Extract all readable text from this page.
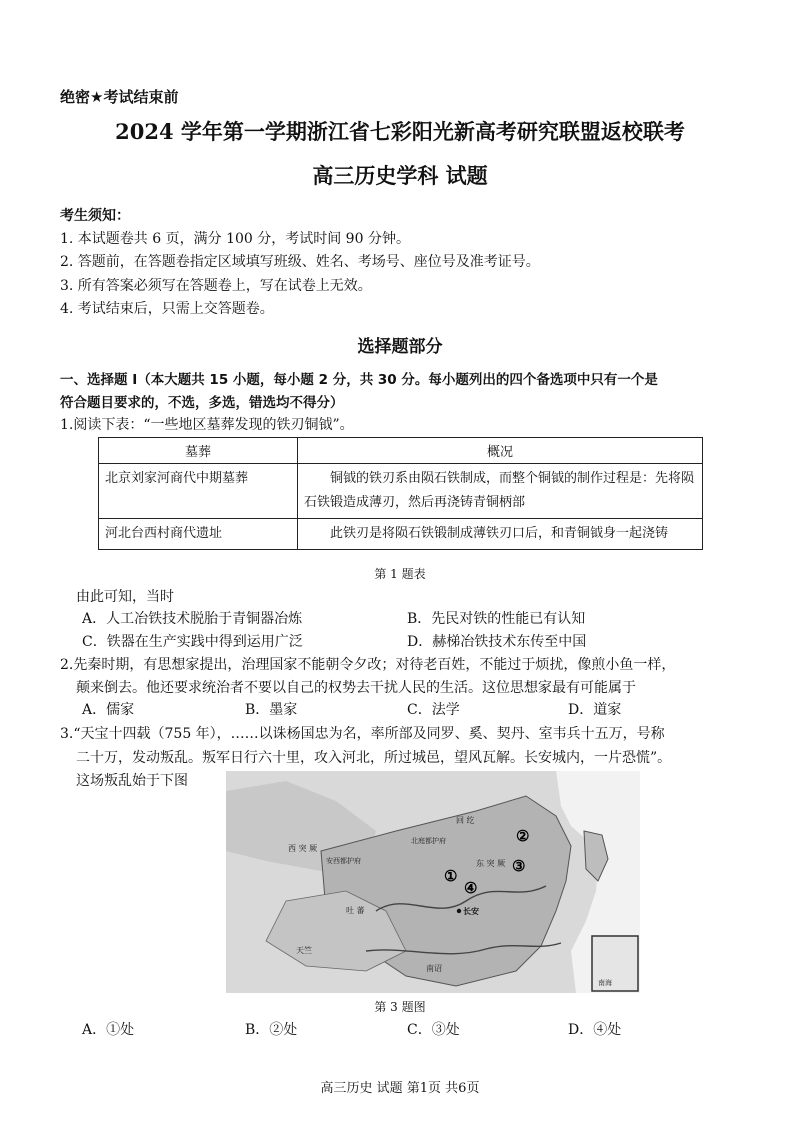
绝密★考试结束前
2024 学年第一学期浙江省七彩阳光新高考研究联盟返校联考
高三历史学科 试题
考生须知：
1. 本试题卷共 6 页，满分 100 分，考试时间 90 分钟。
2. 答题前，在答题卷指定区域填写班级、姓名、考场号、座位号及准考证号。
3. 所有答案必须写在答题卷上，写在试卷上无效。
4. 考试结束后，只需上交答题卷。
选择题部分
一、选择题 I（本大题共 15 小题，每小题 2 分，共 30 分。每小题列出的四个备选项中只有一个是
符合题目要求的，不选，多选，错选均不得分）
1.阅读下表：“一些地区墓葬发现的铁刃铜钺”。
墓葬	概况
北京刘家河商代中期墓葬	铜钺的铁刃系由陨石铁制成，而整个铜钺的制作过程是：先将陨石铁锻造成薄刃，然后再浇铸青铜柄部
河北台西村商代遗址	此铁刃是将陨石铁锻制成薄铁刃口后，和青铜钺身一起浇铸
第 1 题表
由此可知，当时
A．人工冶铁技术脱胎于青铜器冶炼	B．先民对铁的性能已有认知
C．铁器在生产实践中得到运用广泛	D．赫梯冶铁技术东传至中国
2.先秦时期，有思想家提出，治理国家不能朝令夕改；对待老百姓，不能过于烦扰，像煎小鱼一样，
颠来倒去。他还要求统治者不要以自己的权势去干扰人民的生活。这位思想家最有可能属于
A．儒家	B．墨家	C．法学	D．道家
3.“天宝十四载（755 年），……以诛杨国忠为名，率所部及同罗、奚、契丹、室韦兵十五万，号称
二十万，发动叛乱。叛军日行六十里，攻入河北，所过城邑，望风瓦解。长安城内，一片恐慌”。
这场叛乱始于下图
西 突 厥
安西都护府
北庭都护府
回 纥
东 突 厥
吐 蕃	长安
天竺
南诏
南海
①
②
③
④
第 3 题图
A．①处	B．②处	C．③处	D．④处
高三历史 试题 第1页 共6页
